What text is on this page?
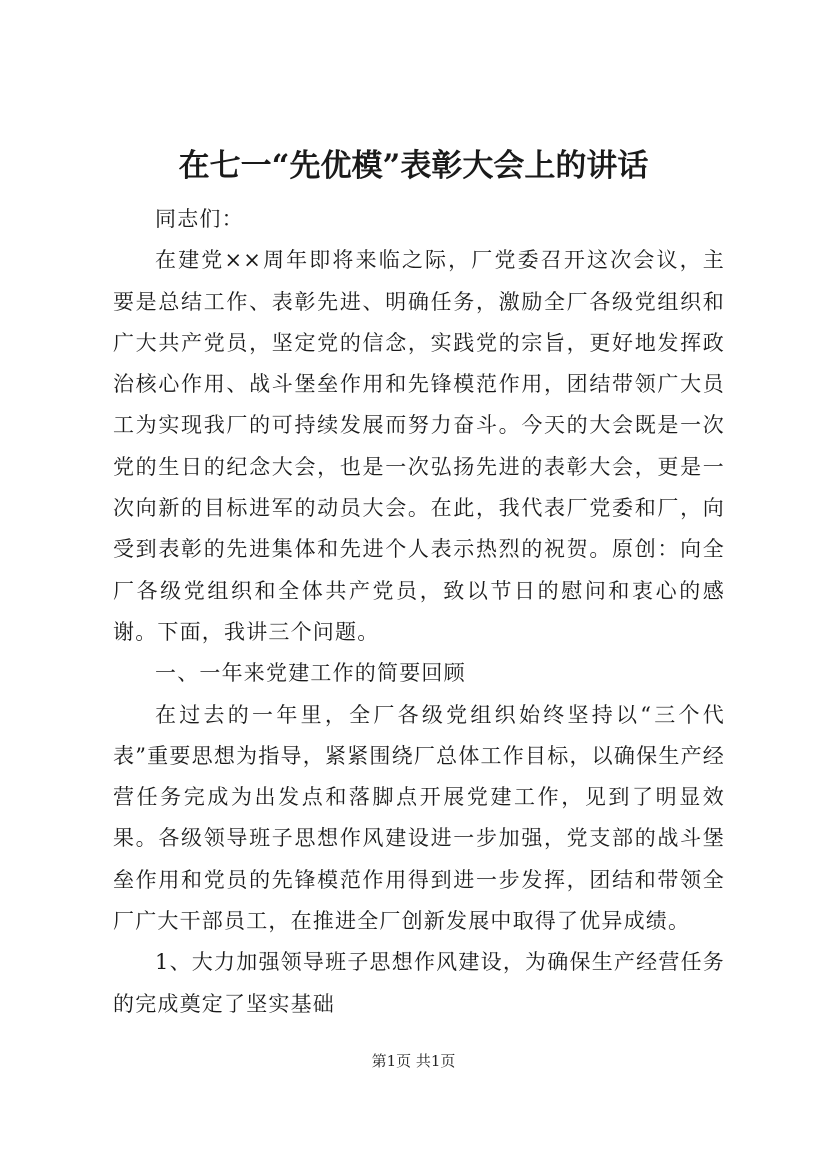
在七一“先优模”表彰大会上的讲话

同志们：

在建党××周年即将来临之际，厂党委召开这次会议，主要是总结工作、表彰先进、明确任务，激励全厂各级党组织和广大共产党员，坚定党的信念，实践党的宗旨，更好地发挥政治核心作用、战斗堡垒作用和先锋模范作用，团结带领广大员工为实现我厂的可持续发展而努力奋斗。今天的大会既是一次党的生日的纪念大会，也是一次弘扬先进的表彰大会，更是一次向新的目标进军的动员大会。在此，我代表厂党委和厂，向受到表彰的先进集体和先进个人表示热烈的祝贺。原创：向全厂各级党组织和全体共产党员，致以节日的慰问和衷心的感谢。下面，我讲三个问题。

一、一年来党建工作的简要回顾

在过去的一年里，全厂各级党组织始终坚持以“三个代表”重要思想为指导，紧紧围绕厂总体工作目标，以确保生产经营任务完成为出发点和落脚点开展党建工作，见到了明显效果。各级领导班子思想作风建设进一步加强，党支部的战斗堡垒作用和党员的先锋模范作用得到进一步发挥，团结和带领全厂广大干部员工，在推进全厂创新发展中取得了优异成绩。

1、大力加强领导班子思想作风建设，为确保生产经营任务的完成奠定了坚实基础

第1页 共1页
